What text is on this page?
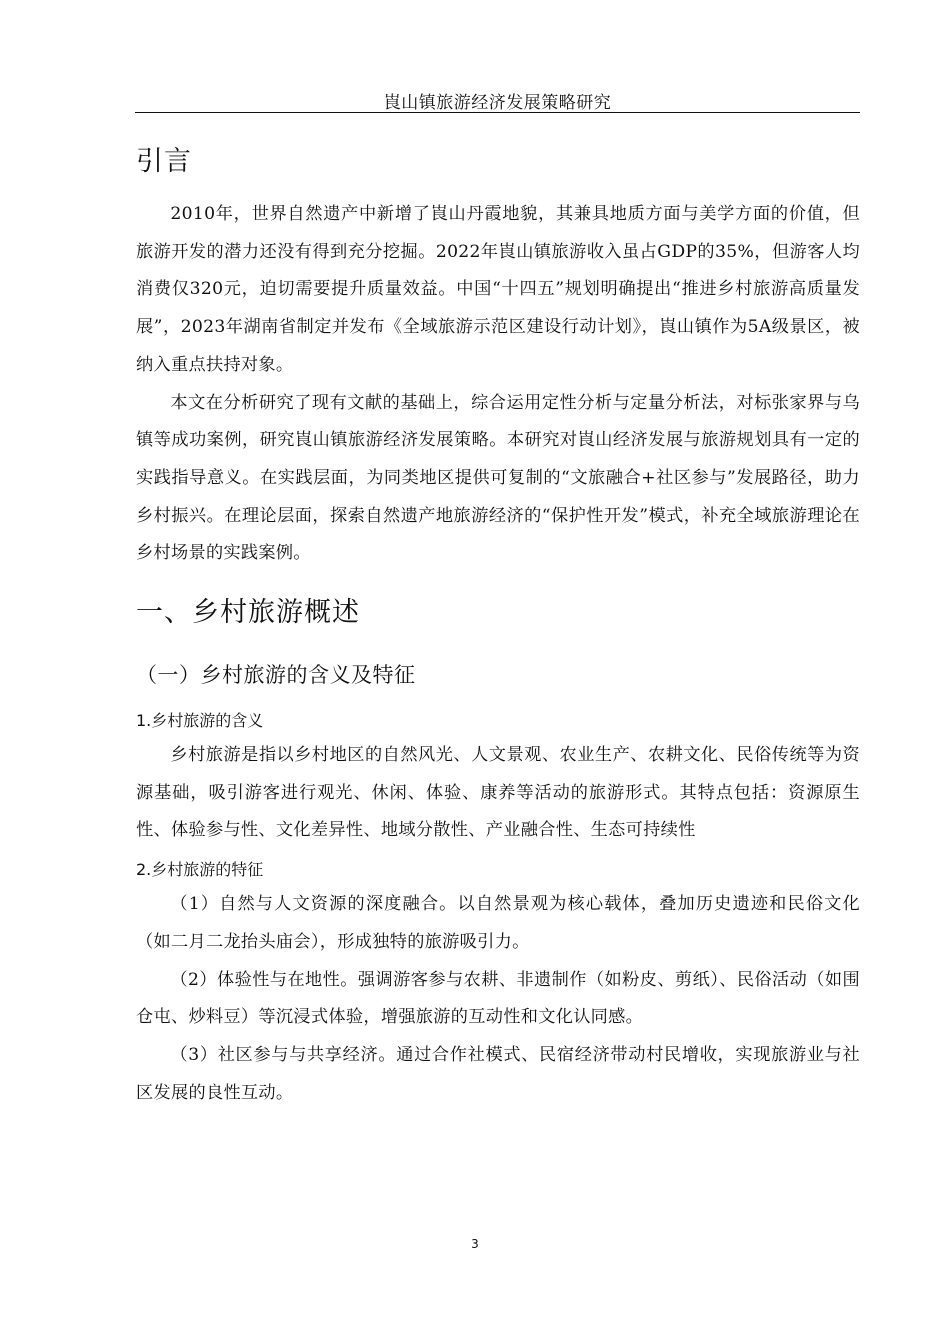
崀山镇旅游经济发展策略研究
引言

2010年，世界自然遗产中新增了崀山丹霞地貌，其兼具地质方面与美学方面的价值，但旅游开发的潜力还没有得到充分挖掘。2022年崀山镇旅游收入虽占GDP的35%，但游客人均消费仅320元，迫切需要提升质量效益。中国“十四五”规划明确提出“推进乡村旅游高质量发展”，2023年湖南省制定并发布《全域旅游示范区建设行动计划》，崀山镇作为5A级景区，被纳入重点扶持对象。

本文在分析研究了现有文献的基础上，综合运用定性分析与定量分析法，对标张家界与乌镇等成功案例，研究崀山镇旅游经济发展策略。本研究对崀山经济发展与旅游规划具有一定的实践指导意义。在实践层面，为同类地区提供可复制的“文旅融合+社区参与”发展路径，助力乡村振兴。在理论层面，探索自然遗产地旅游经济的“保护性开发”模式，补充全域旅游理论在乡村场景的实践案例。

一、乡村旅游概述
（一）乡村旅游的含义及特征
1.乡村旅游的含义

乡村旅游是指以乡村地区的自然风光、人文景观、农业生产、农耕文化、民俗传统等为资源基础，吸引游客进行观光、休闲、体验、康养等活动的旅游形式。其特点包括：资源原生性、体验参与性、文化差异性、地域分散性、产业融合性、生态可持续性

2.乡村旅游的特征

（1）自然与人文资源的深度融合。以自然景观为核心载体，叠加历史遗迹和民俗文化（如二月二龙抬头庙会），形成独特的旅游吸引力。

（2）体验性与在地性。强调游客参与农耕、非遗制作（如粉皮、剪纸）、民俗活动（如围仓屯、炒料豆）等沉浸式体验，增强旅游的互动性和文化认同感。

（3）社区参与与共享经济。通过合作社模式、民宿经济带动村民增收，实现旅游业与社区发展的良性互动。

3
